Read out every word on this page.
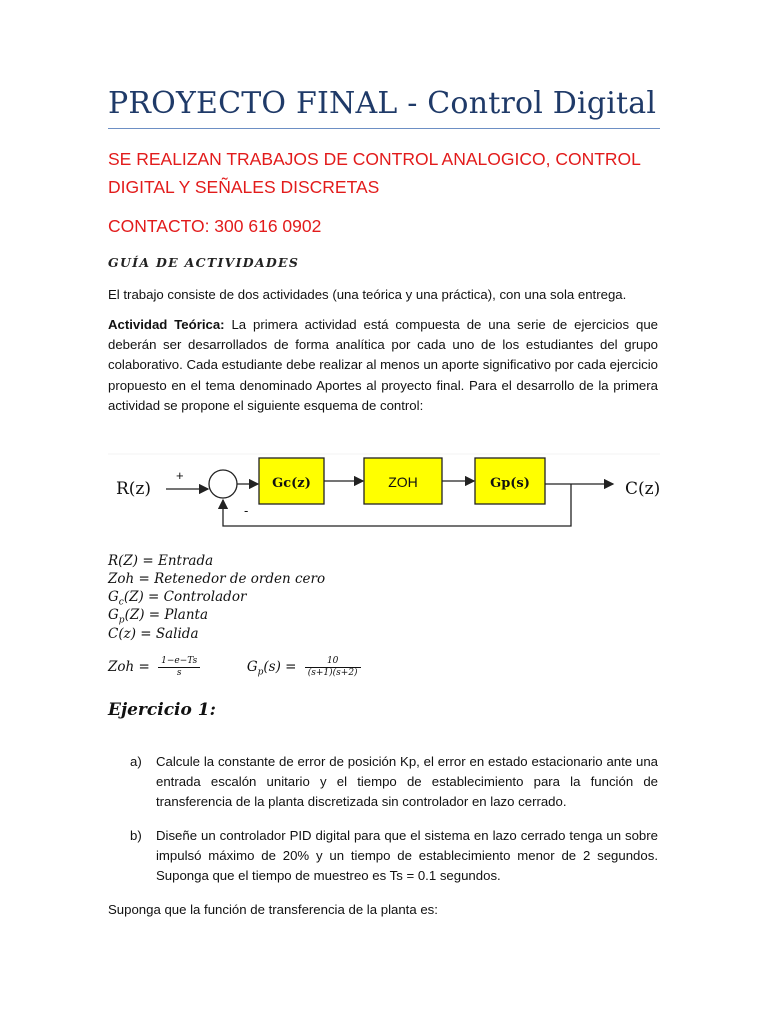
PROYECTO FINAL - Control Digital
SE REALIZAN TRABAJOS DE CONTROL ANALOGICO, CONTROL
DIGITAL Y SEÑALES DISCRETAS
CONTACTO: 300 616 0902
GUÍA DE ACTIVIDADES
El trabajo consiste de dos actividades (una teórica y una práctica), con una sola entrega.
Actividad Teórica: La primera actividad está compuesta de una serie de ejercicios que deberán ser desarrollados de forma analítica por cada uno de los estudiantes del grupo colaborativo. Cada estudiante debe realizar al menos un aporte significativo por cada ejercicio propuesto en el tema denominado Aportes al proyecto final. Para el desarrollo de la primera actividad se propone el siguiente esquema de control:
R(z)
+
Gc(z)	ZOH	Gp(s)	C(z)
-
R(Z) = Entrada
Zoh = Retenedor de orden cero
$G_c(Z)$ = Controlador
$G_p(Z)$ = Planta
C(z) = Salida
Zoh = $\frac{1-e-Ts}{s}$	$G_p(s) = \frac{10}{(s+1)(s+2)}$
Ejercicio 1:
a) Calcule la constante de error de posición Kp, el error en estado estacionario ante una entrada escalón unitario y el tiempo de establecimiento para la función de transferencia de la planta discretizada sin controlador en lazo cerrado.
b) Diseñe un controlador PID digital para que el sistema en lazo cerrado tenga un sobre impulsó máximo de 20% y un tiempo de establecimiento menor de 2 segundos. Suponga que el tiempo de muestreo es Ts = 0.1 segundos.
Suponga que la función de transferencia de la planta es:
